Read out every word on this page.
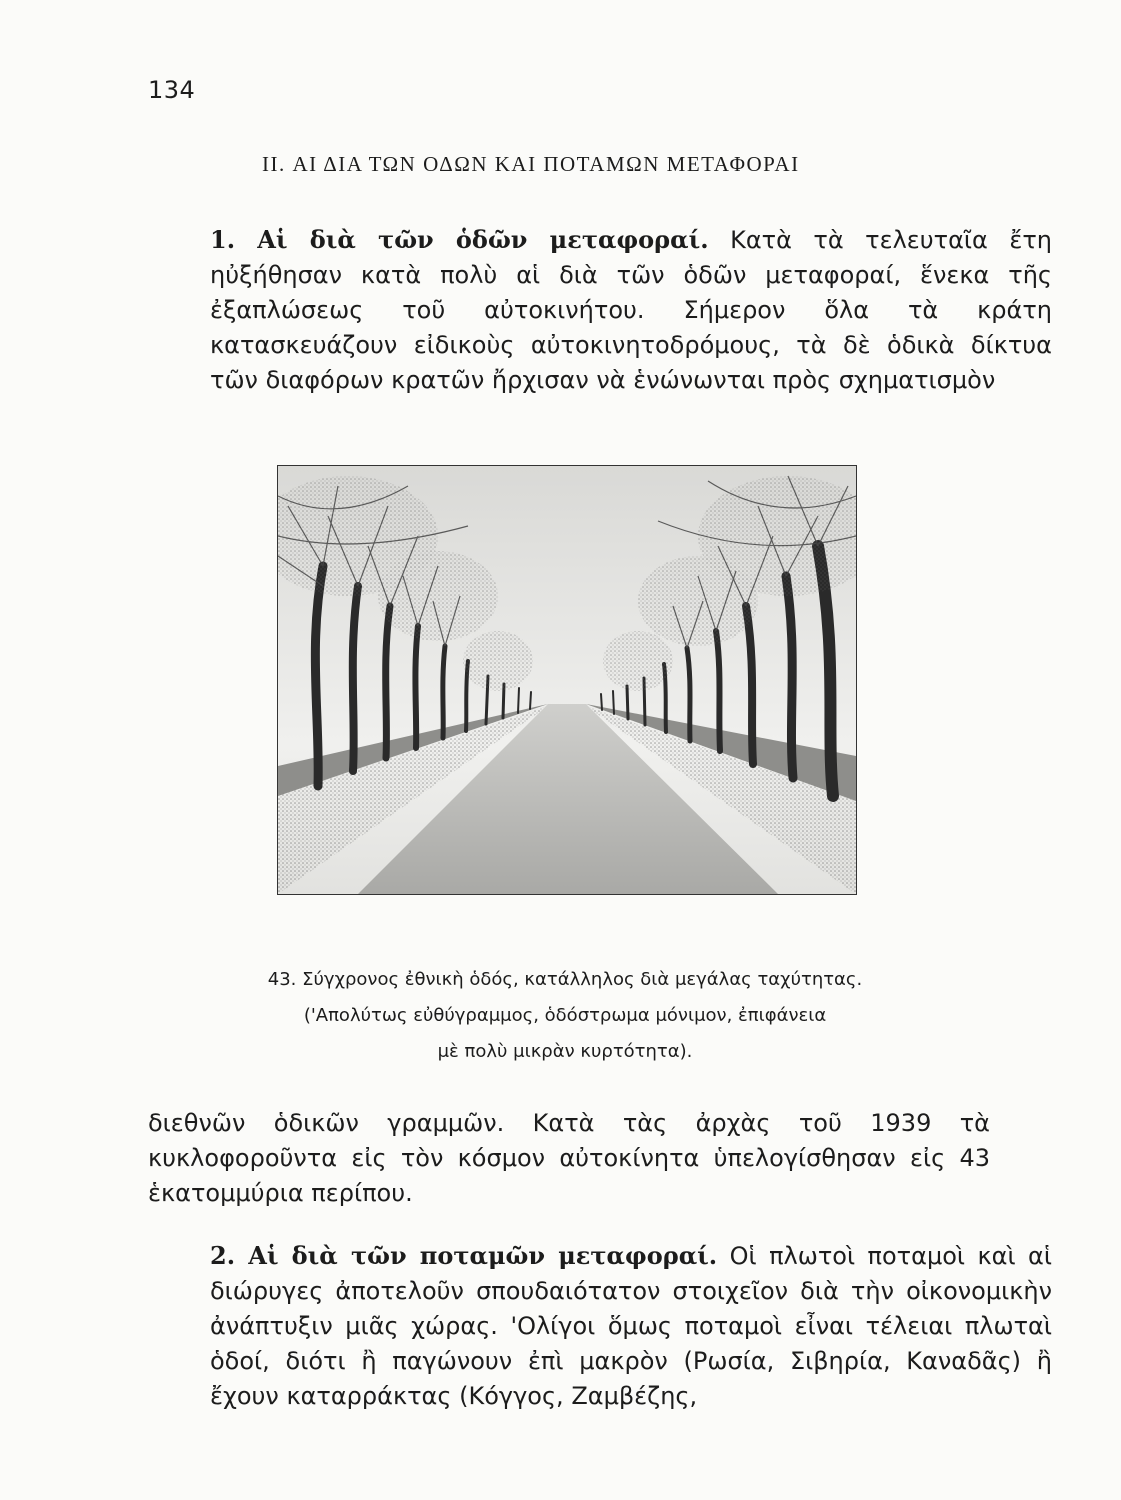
134
II. ΑΙ ΔΙΑ ΤΩΝ ΟΔΩΝ ΚΑΙ ΠΟΤΑΜΩΝ ΜΕΤΑΦΟΡΑΙ

1. Αἱ διὰ τῶν ὁδῶν μεταφοραί. Κατὰ τὰ τελευταῖα ἔτη ηὐξήθησαν κατὰ πολὺ αἱ διὰ τῶν ὁδῶν μεταφοραί, ἕνεκα τῆς ἐξαπλώσεως τοῦ αὐτοκινήτου. Σήμερον ὅλα τὰ κράτη κατασκευάζουν εἰδικοὺς αὐτοκινητοδρόμους, τὰ δὲ ὁδικὰ δίκτυα τῶν διαφόρων κρατῶν ἤρχισαν νὰ ἑνώνωνται πρὸς σχηματισμὸν

43. Σύγχρονος ἐθνικὴ ὁδός, κατάλληλος διὰ μεγάλας ταχύτητας.

('Απολύτως εὐθύγραμμος, ὁδόστρωμα μόνιμον, ἐπιφάνεια

μὲ πολὺ μικρὰν κυρτότητα).

διεθνῶν ὁδικῶν γραμμῶν. Κατὰ τὰς ἀρχὰς τοῦ 1939 τὰ κυκλοφοροῦντα εἰς τὸν κόσμον αὐτοκίνητα ὑπελογίσθησαν εἰς 43 ἑκατομμύρια περίπου.

2. Αἱ διὰ τῶν ποταμῶν μεταφοραί. Οἱ πλωτοὶ ποταμοὶ καὶ αἱ διώρυγες ἀποτελοῦν σπουδαιότατον στοιχεῖον διὰ τὴν οἰκονομικὴν ἀνάπτυξιν μιᾶς χώρας. 'Ολίγοι ὅμως ποταμοὶ εἶναι τέλειαι πλωταὶ ὁδοί, διότι ἢ παγώνουν ἐπὶ μακρὸν (Ρωσία, Σιβηρία, Καναδᾶς) ἢ ἔχουν καταρράκτας (Κόγγος, Ζαμβέζης,
